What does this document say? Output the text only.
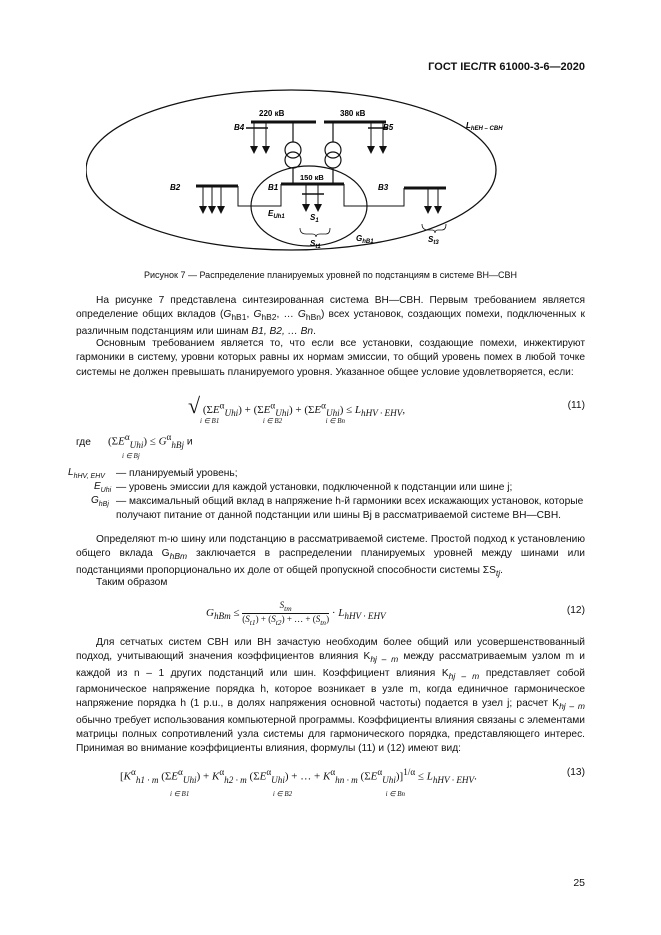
ГОСТ IEC/TR 61000-3-6—2020
220 кВ	380 кВ
B4	B5
150 кВ
B1
B2	B3
$L_{hEH - CBH}$
$E_{Uh1}$	$S_1$
$S_{t1}$
$G_{hB1}$	$S_{t3}$
Рисунок 7 — Распределение планируемых уровней по подстанциям в системе ВН—СВН
На рисунке 7 представлена синтезированная система ВН—СВН. Первым требованием является определение общих вкладов ($G_{hB1}$, $G_{hB2}$, … $G_{hBn}$) всех установок, создающих помехи, подключенных к различным подстанциям или шинам B1, B2, … Bn.
Основным требованием является то, что если все установки, создающие помехи, инжектируют гармоники в систему, уровни которых равны их нормам эмиссии, то общий уровень помех в любой точке системы не должен превышать планируемого уровня. Указанное общее условие удовлетворяется, если:
√ $(\Sigma E^\alpha_{Uhi}) + (\Sigma E^\alpha_{Uhi}) + (\Sigma E^\alpha_{Uhi}) \le L_{hHV \cdot EHV}$,
i ∈ B1	i ∈ B2	i ∈ Bn
(11)
где	$(\Sigma E^\alpha_{Uhi}) \le G^\alpha_{hBj}$ и
i ∈ Bj
$L_{hHV, EHV}$ — планируемый уровень;
$E_{Uhi}$ — уровень эмиссии для каждой установки, подключенной к подстанции или шине j;
$G_{hBj}$ — максимальный общий вклад в напряжение h-й гармоники всех искажающих установок, которые получают питание от данной подстанции или шины Bj в рассматриваемой системе ВН—СВН.
Определяют m-ю шину или подстанцию в рассматриваемой системе. Простой подход к установлению общего вклада $G_{hBm}$ заключается в распределении планируемых уровней между шинами или подстанциями пропорционально их доле от общей пропускной способности системы $\Sigma S_{tj}$.
Таким образом
$G_{hBm}$ ≤
$S_{tm}$
$(S_{t1}) + (S_{t2})$ + … + $(S_{tn}) \cdot L_{hHV \cdot EHV}$
(12)
Для сетчатых систем СВН или ВН зачастую необходим более общий или усовершенствованный подход, учитывающий значения коэффициентов влияния $K_{hj - m}$ между рассматриваемым узлом m и каждой из n – 1 других подстанций или шин. Коэффициент влияния $K_{hj - m}$ представляет собой гармоническое напряжение порядка h, которое возникает в узле m, когда единичное гармоническое напряжение порядка h (1 p.u., в долях напряжения основной частоты) подается в узел j; расчет $K_{hj - m}$ обычно требует использования компьютерной программы. Коэффициенты влияния связаны с элементами матрицы полных сопротивлений узла системы для гармонического порядка, представляющего интерес. Принимая во внимание коэффициенты влияния, формулы (11) и (12) имеют вид:
[$K^\alpha_{h1 \cdot m}$ $(\Sigma E^\alpha_{Uhi}) + K^\alpha_{h2 \cdot m}$ $(\Sigma E^\alpha_{Uhi})$ + … + $K^\alpha_{hn \cdot m}$ $(\Sigma E^\alpha_{Uhi})]^{1/\alpha} \le L_{hHV \cdot EHV}$.
i ∈ B1	i ∈ B2	i ∈ Bn
(13)
25
